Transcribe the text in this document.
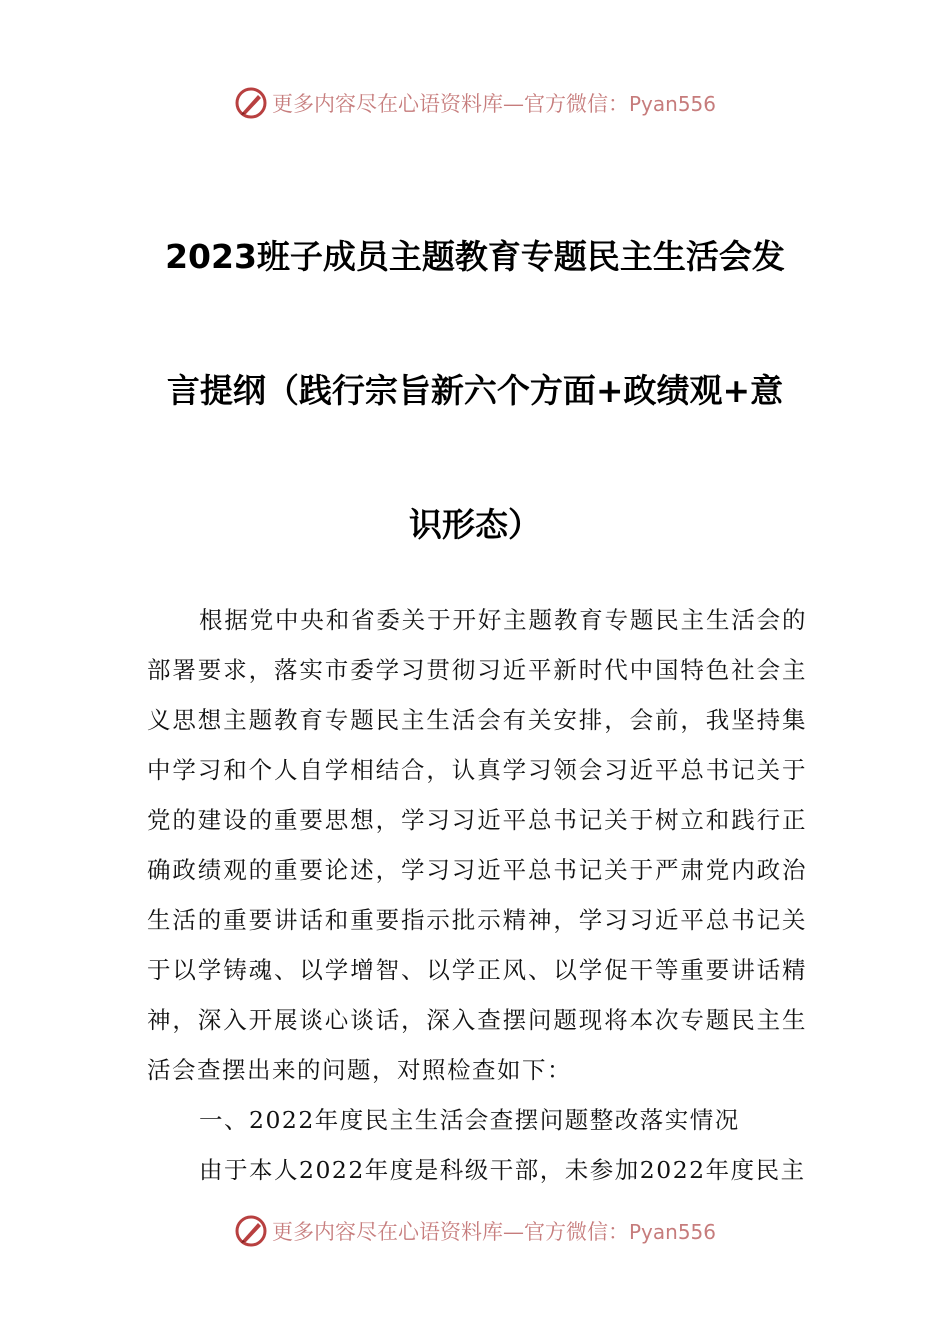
更多内容尽在心语资料库—官方微信：Pyan556
2023班子成员主题教育专题民主生活会发
言提纲（践行宗旨新六个方面+政绩观+意
识形态）

根据党中央和省委关于开好主题教育专题民主生活会的部署要求，落实市委学习贯彻习近平新时代中国特色社会主义思想主题教育专题民主生活会有关安排，会前，我坚持集中学习和个人自学相结合，认真学习领会习近平总书记关于党的建设的重要思想，学习习近平总书记关于树立和践行正确政绩观的重要论述，学习习近平总书记关于严肃党内政治生活的重要讲话和重要指示批示精神，学习习近平总书记关于以学铸魂、以学增智、以学正风、以学促干等重要讲话精神，深入开展谈心谈话，深入查摆问题现将本次专题民主生活会查摆出来的问题，对照检查如下：

一、2022年度民主生活会查摆问题整改落实情况

由于本人2022年度是科级干部，未参加2022年度民主

更多内容尽在心语资料库—官方微信：Pyan556
